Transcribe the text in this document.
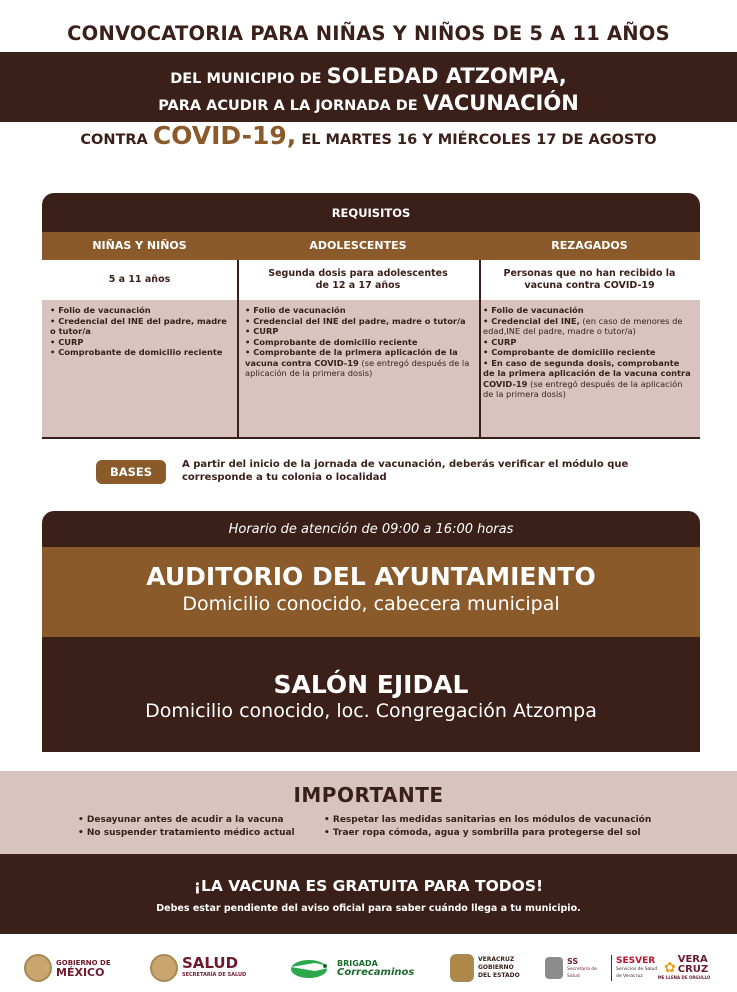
CONVOCATORIA PARA NIÑAS Y NIÑOS DE 5 A 11 AÑOS
DEL MUNICIPIO DE SOLEDAD ATZOMPA,
PARA ACUDIR A LA JORNADA DE VACUNACIÓN
CONTRA COVID-19, EL MARTES 16 Y MIÉRCOLES 17 DE AGOSTO
REQUISITOS
NIÑAS Y NIÑOS	ADOLESCENTES	REZAGADOS
5 a 11 años
Segunda dosis para adolescentes de 12 a 17 años
Personas que no han recibido la vacuna contra COVID-19
• Folio de vacunación
• Credencial del INE del padre, madre o tutor/a
• CURP
• Comprobante de domicilio reciente
• Folio de vacunación
• Credencial del INE del padre, madre o tutor/a
• CURP
• Comprobante de domicilio reciente
• Comprobante de la primera aplicación de la vacuna contra COVID-19 (se entregó después de la aplicación de la primera dosis)
• Folio de vacunación
• Credencial del INE, (en caso de menores de edad,INE del padre, madre o tutor/a)
• CURP
• Comprobante de domicilio reciente
• En caso de segunda dosis, comprobante de la primera aplicación de la vacuna contra COVID-19 (se entregó después de la aplicación de la primera dosis)
BASES
A partir del inicio de la jornada de vacunación, deberás verificar el módulo que corresponde a tu colonia o localidad
Horario de atención de 09:00 a 16:00 horas
AUDITORIO DEL AYUNTAMIENTO
Domicilio conocido, cabecera municipal
SALÓN EJIDAL
Domicilio conocido, loc. Congregación Atzompa
IMPORTANTE
• Desayunar antes de acudir a la vacuna
• No suspender tratamiento médico actual
• Respetar las medidas sanitarias en los módulos de vacunación
• Traer ropa cómoda, agua y sombrilla para protegerse del sol
¡LA VACUNA ES GRATUITA PARA TODOS!
Debes estar pendiente del aviso oficial para saber cuándo llega a tu municipio.
GOBIERNO DE
MÉXICO
SALUD
SECRETARÍA DE SALUD
BRIGADA
Correcaminos
VERACRUZ
GOBIERNO
DEL ESTADO
SS
Secretaría de Salud
SESVER
Servicios de Salud de Veracruz
✿
VERA
CRUZ
ME LLENA DE ORGULLO
